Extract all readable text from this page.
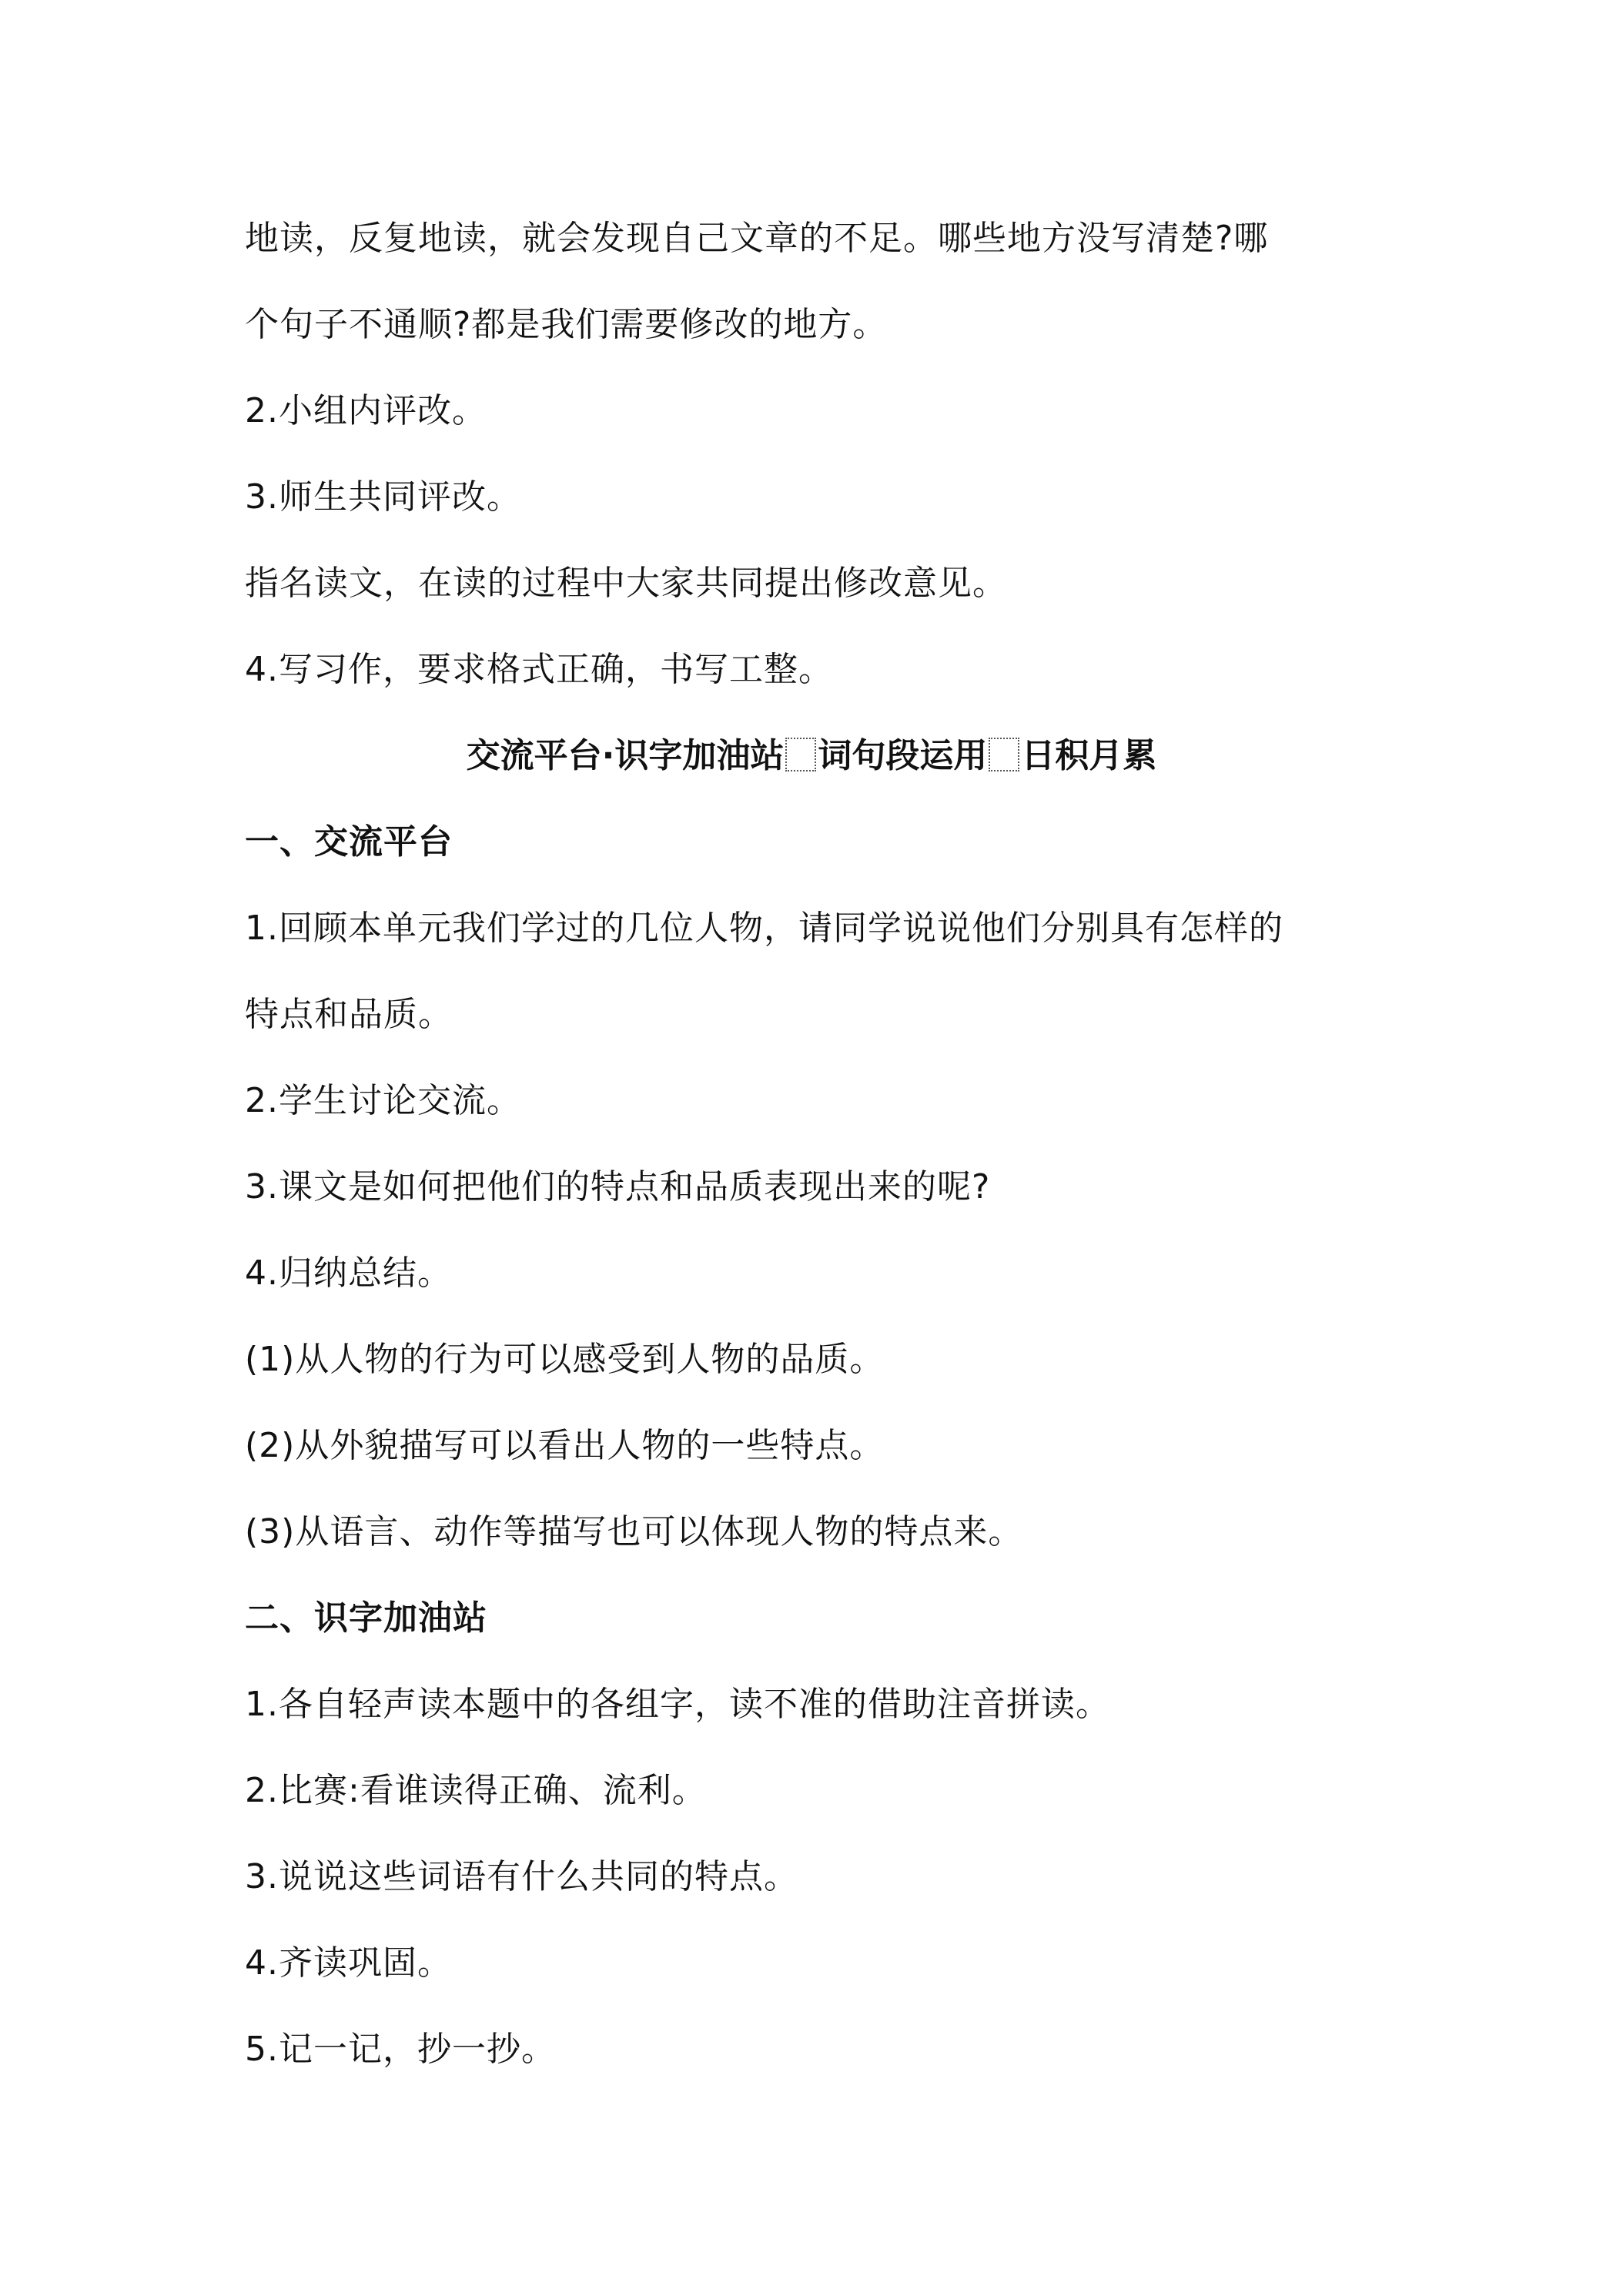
地读，反复地读，就会发现自己文章的不足。哪些地方没写清楚?哪
个句子不通顺?都是我们需要修改的地方。
2.小组内评改。
3.师生共同评改。
指名读文，在读的过程中大家共同提出修改意见。
4.写习作，要求格式正确，书写工整。
交流平台·识字加油站 词句段运用 日积月累
一、交流平台
1.回顾本单元我们学过的几位人物，请同学说说他们分别具有怎样的
特点和品质。
2.学生讨论交流。
3.课文是如何把他们的特点和品质表现出来的呢?
4.归纳总结。
(1)从人物的行为可以感受到人物的品质。
(2)从外貌描写可以看出人物的一些特点。
(3)从语言、动作等描写也可以体现人物的特点来。
二、识字加油站
1.各自轻声读本题中的各组字，读不准的借助注音拼读。
2.比赛:看谁读得正确、流利。
3.说说这些词语有什么共同的特点。
4.齐读巩固。
5.记一记，抄一抄。
